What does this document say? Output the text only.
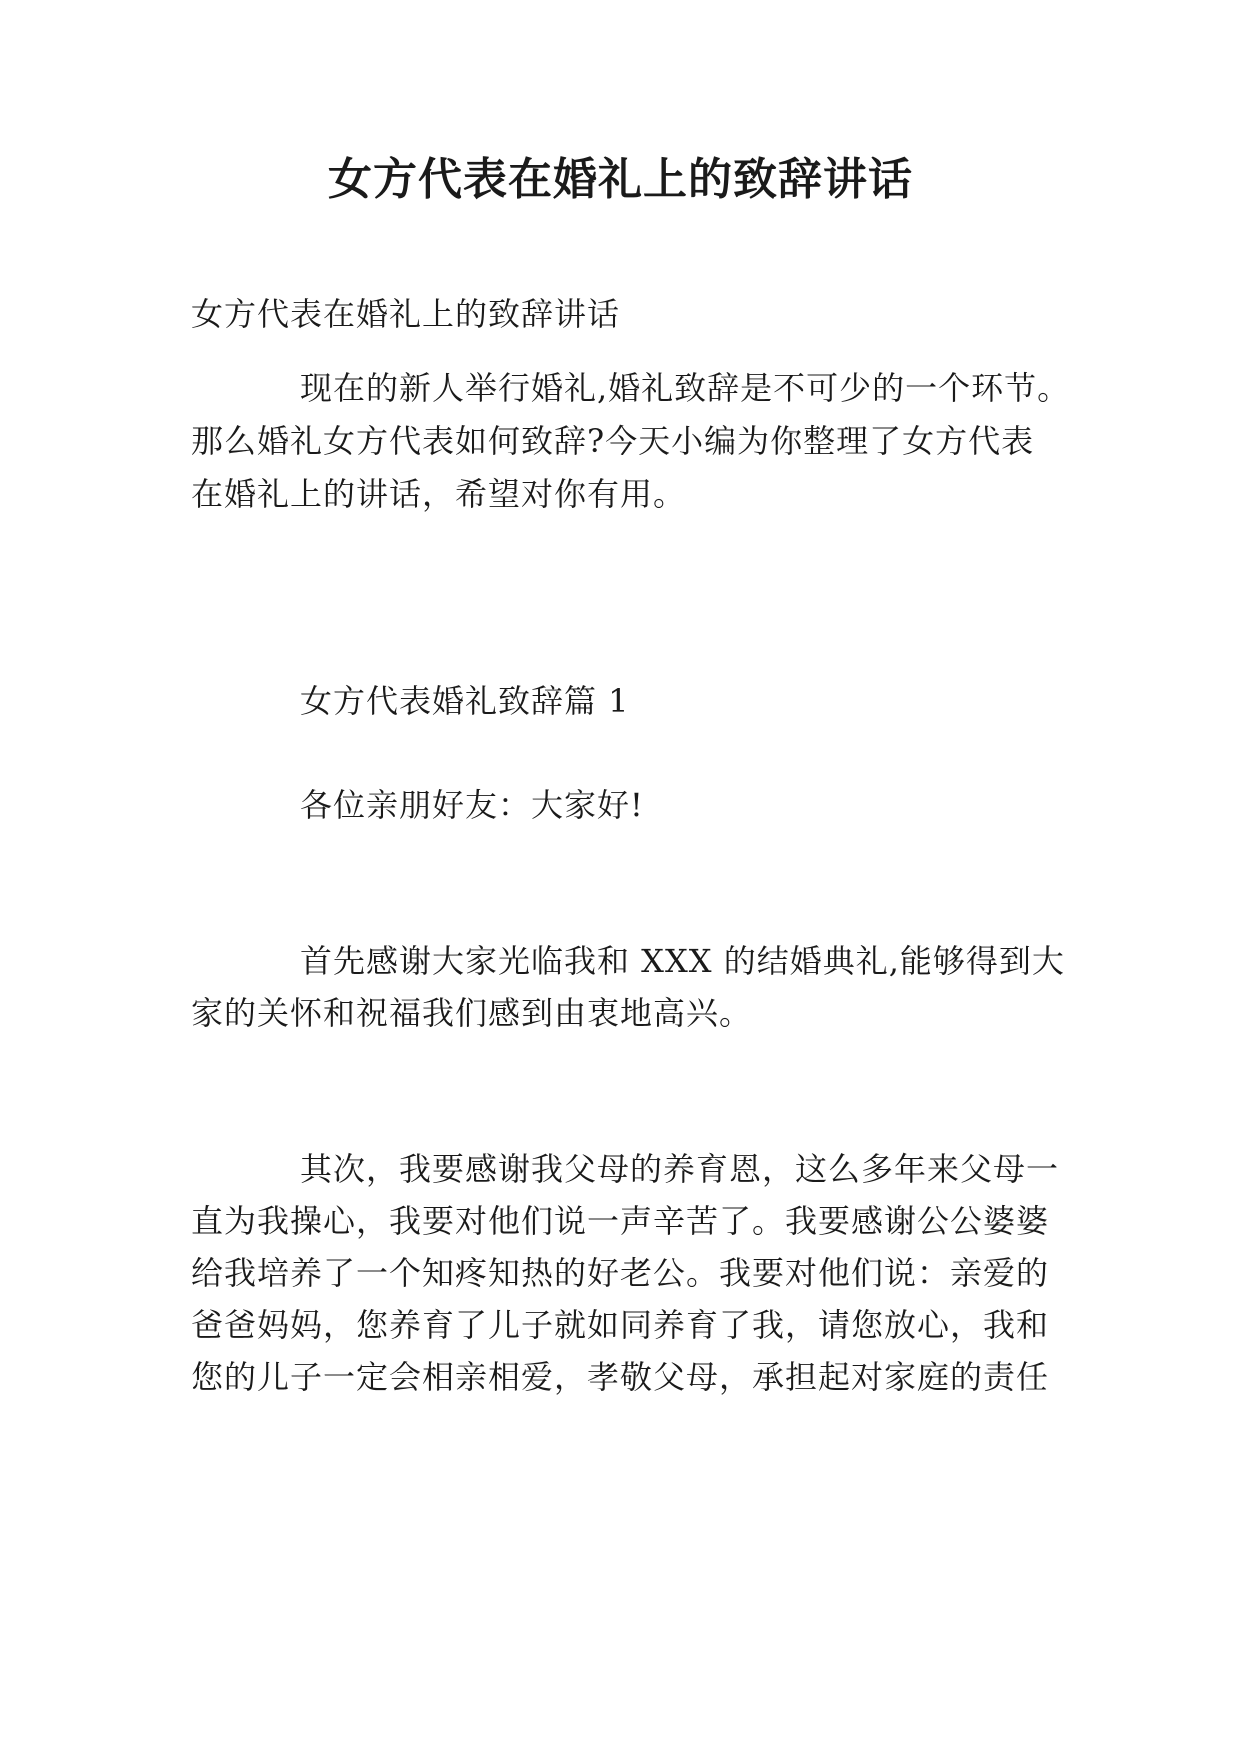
女方代表在婚礼上的致辞讲话

女方代表在婚礼上的致辞讲话

现在的新人举行婚礼,婚礼致辞是不可少的一个环节。

那么婚礼女方代表如何致辞?今天小编为你整理了女方代表

在婚礼上的讲话，希望对你有用。

女方代表婚礼致辞篇 1

各位亲朋好友：大家好!

首先感谢大家光临我和 XXX 的结婚典礼,能够得到大

家的关怀和祝福我们感到由衷地高兴。

其次，我要感谢我父母的养育恩，这么多年来父母一

直为我操心，我要对他们说一声辛苦了。我要感谢公公婆婆

给我培养了一个知疼知热的好老公。我要对他们说：亲爱的

爸爸妈妈，您养育了儿子就如同养育了我，请您放心，我和

您的儿子一定会相亲相爱，孝敬父母，承担起对家庭的责任
